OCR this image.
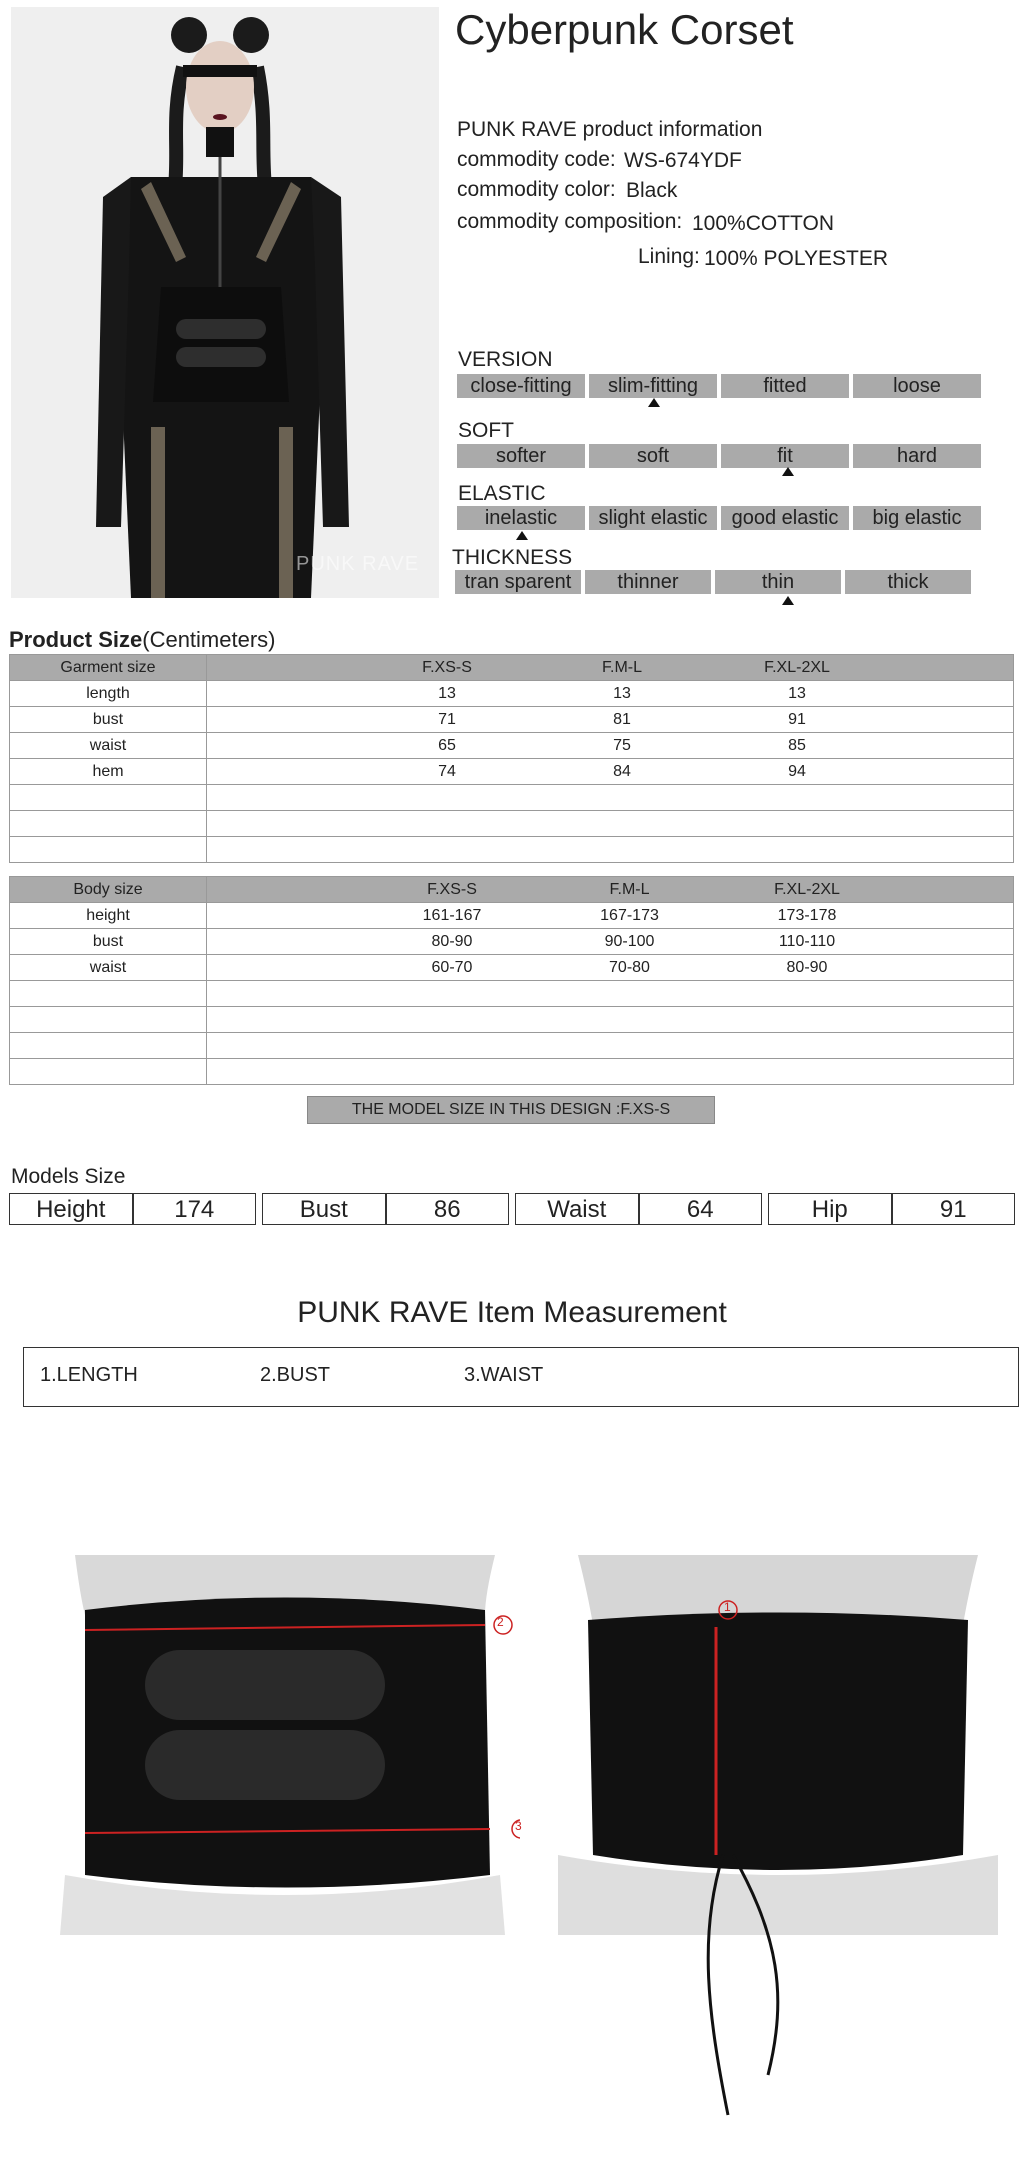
PUNK RAVE
Cyberpunk Corset
PUNK RAVE product information
commodity code: WS-674YDF
commodity color: Black
commodity composition: 100%COTTON
Lining: 100% POLYESTER
VERSION
close-fitting	slim-fitting	fitted	loose
SOFT
softer	soft	fit	hard
ELASTIC
inelastic	slight elastic	good elastic	big elastic
THICKNESS
tran sparent	thinner	thin	thick
Product Size(Centimeters)
Garment size	F.XS-S F.M-L F.XL-2XL

length	13 13 13

bust	71 81 91

waist	65 75 85

hem	74 84 94

Body size	F.XS-S F.M-L F.XL-2XL

height	161-167 167-173 173-178

bust	80-90 90-100 110-110

waist	60-70 70-80 80-90

THE MODEL SIZE IN THIS DESIGN :F.XS-S
Models Size
Height	174	Bust	86	Waist	64	Hip	91
PUNK RAVE Item Measurement
1.LENGTH	2.BUST	3.WAIST
2
3
1
